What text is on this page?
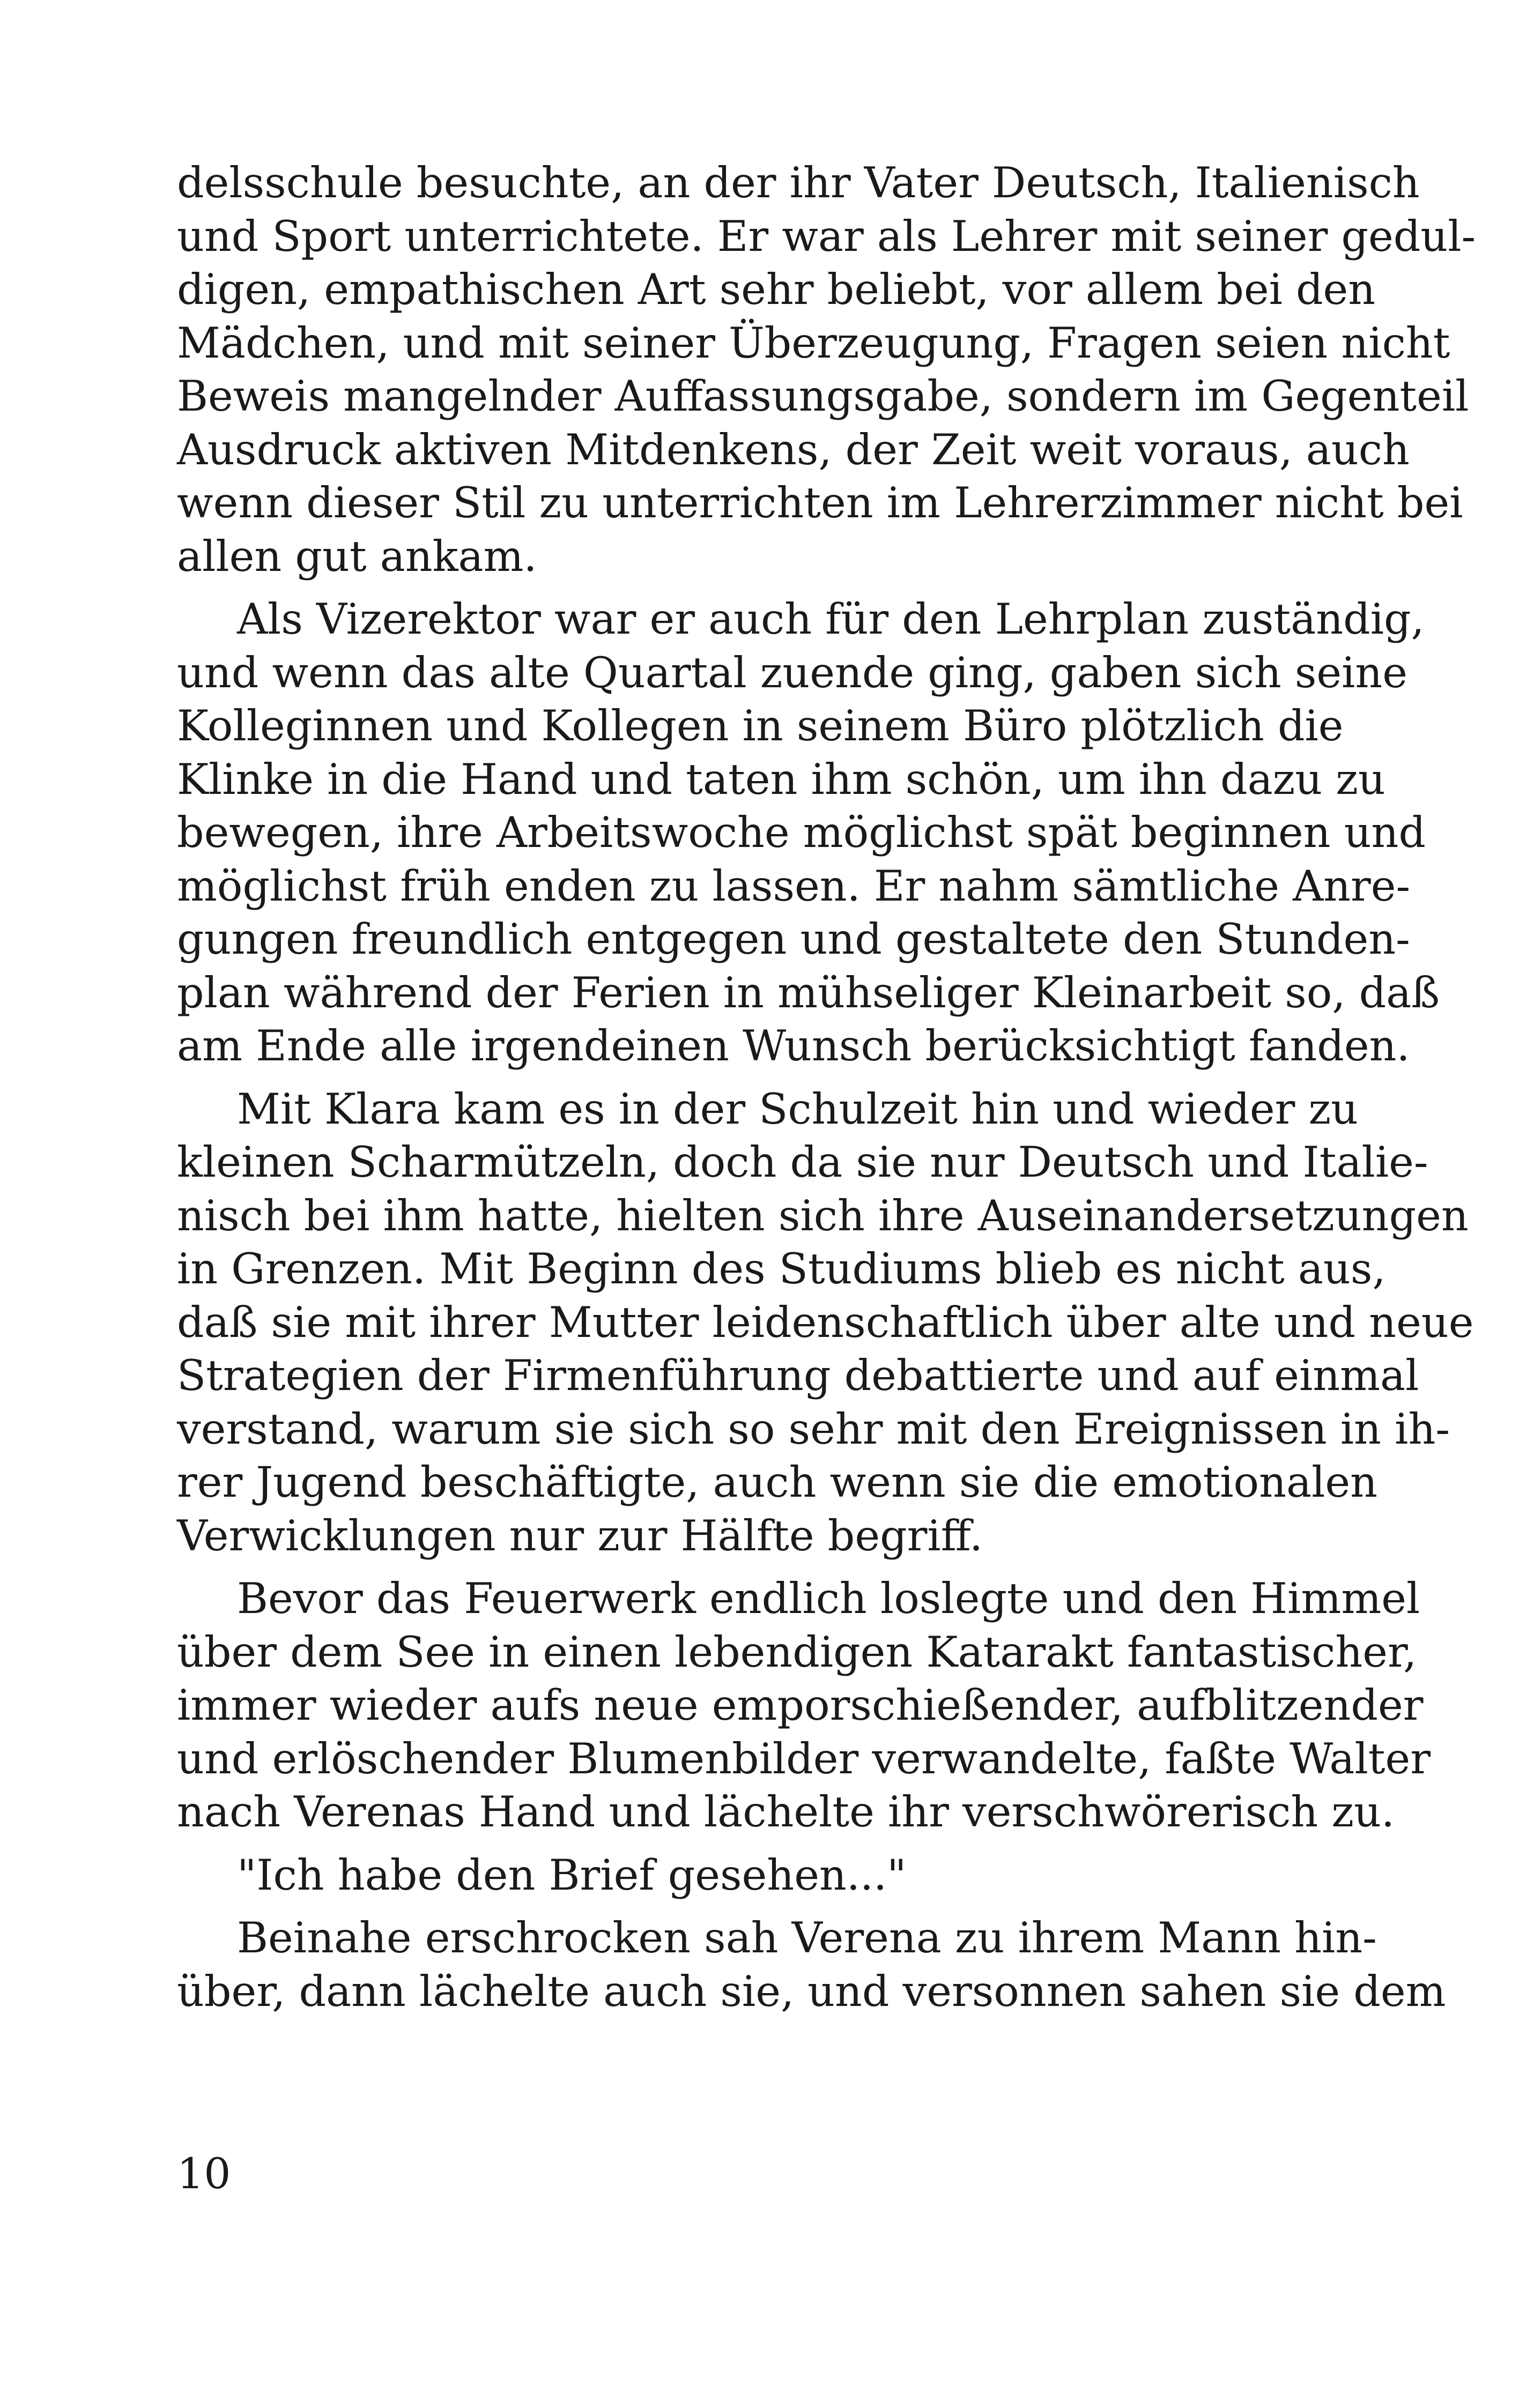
delsschule besuchte, an der ihr Vater Deutsch, Italienisch
und Sport unterrichtete. Er war als Lehrer mit seiner gedul-
digen, empathischen Art sehr beliebt, vor allem bei den
Mädchen, und mit seiner Überzeugung, Fragen seien nicht
Beweis mangelnder Auffassungsgabe, sondern im Gegenteil
Ausdruck aktiven Mitdenkens, der Zeit weit voraus, auch
wenn dieser Stil zu unterrichten im Lehrerzimmer nicht bei
allen gut ankam.

Als Vizerektor war er auch für den Lehrplan zuständig,
und wenn das alte Quartal zuende ging, gaben sich seine
Kolleginnen und Kollegen in seinem Büro plötzlich die
Klinke in die Hand und taten ihm schön, um ihn dazu zu
bewegen, ihre Arbeitswoche möglichst spät beginnen und
möglichst früh enden zu lassen. Er nahm sämtliche Anre-
gungen freundlich entgegen und gestaltete den Stunden-
plan während der Ferien in mühseliger Kleinarbeit so, daß
am Ende alle irgendeinen Wunsch berücksichtigt fanden.

Mit Klara kam es in der Schulzeit hin und wieder zu
kleinen Scharmützeln, doch da sie nur Deutsch und Italie-
nisch bei ihm hatte, hielten sich ihre Auseinandersetzungen
in Grenzen. Mit Beginn des Studiums blieb es nicht aus,
daß sie mit ihrer Mutter leidenschaftlich über alte und neue
Strategien der Firmenführung debattierte und auf einmal
verstand, warum sie sich so sehr mit den Ereignissen in ih-
rer Jugend beschäftigte, auch wenn sie die emotionalen
Verwicklungen nur zur Hälfte begriff.

Bevor das Feuerwerk endlich loslegte und den Himmel
über dem See in einen lebendigen Katarakt fantastischer,
immer wieder aufs neue emporschießender, aufblitzender
und erlöschender Blumenbilder verwandelte, faßte Walter
nach Verenas Hand und lächelte ihr verschwörerisch zu.

"Ich habe den Brief gesehen..."

Beinahe erschrocken sah Verena zu ihrem Mann hin-
über, dann lächelte auch sie, und versonnen sahen sie dem

10
